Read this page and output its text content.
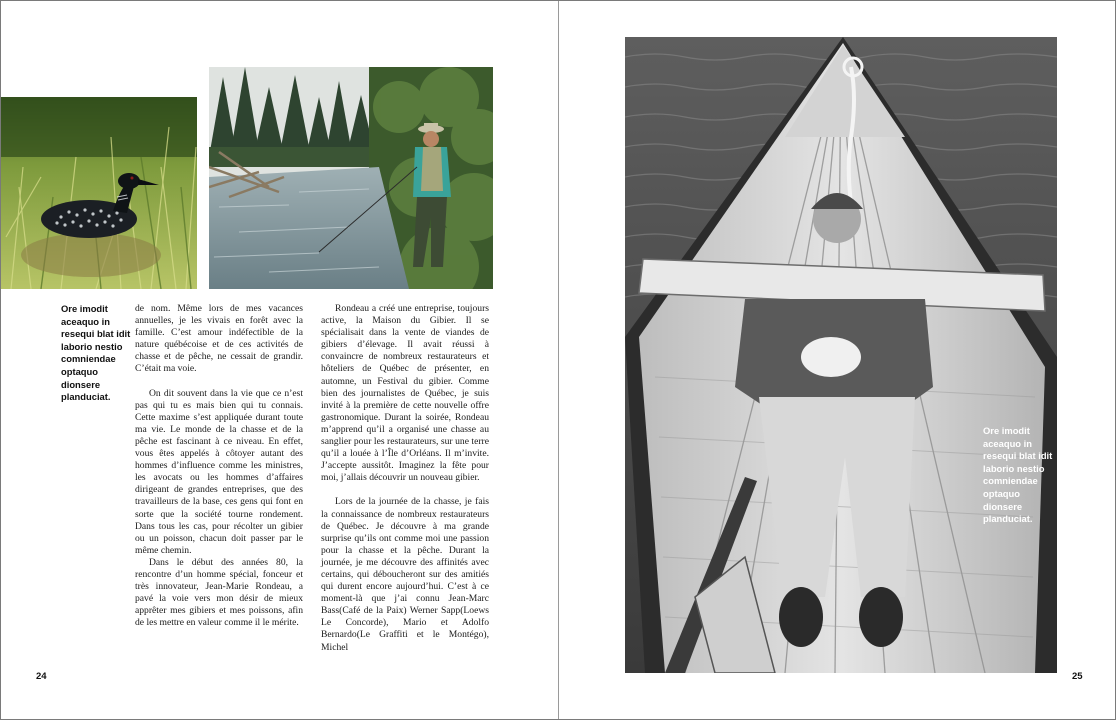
Ore imodit
aceaquo in
resequi blat idit
laborio nestio
comniendae
optaquo
dionsere
planduciat.
Ore imodit
aceaquo in
resequi blat idit
laborio nestio
comniendae
optaquo
dionsere
planduciat.

de nom. Même lors de mes vacances annuelles, je les vivais en forêt avec la famille. C’est amour indéfectible de la nature québécoise et de ces activités de chasse et de pêche, ne cessait de grandir. C’était ma voie.

On dit souvent dans la vie que ce n’est pas qui tu es mais bien qui tu connais. Cette maxime s’est appliquée durant toute ma vie. Le monde de la chasse et de la pêche est fascinant à ce niveau. En effet, vous êtes appelés à côtoyer autant des hommes d’influence comme les ministres, les avocats ou les hommes d’affaires dirigeant de grandes entreprises, que des travailleurs de la base, ces gens qui font en sorte que la société tourne rondement. Dans tous les cas, pour récolter un gibier ou un poisson, chacun doit passer par le même chemin.

Dans le début des années 80, la rencontre d’un homme spécial, fonceur et très innovateur, Jean-Marie Rondeau, a pavé la voie vers mon désir de mieux apprêter mes gibiers et mes poissons, afin de les mettre en valeur comme il le mérite.

Rondeau a créé une entreprise, toujours active, la Maison du Gibier. Il se spécialisait dans la vente de viandes de gibiers d’élevage. Il avait réussi à convaincre de nombreux restaurateurs et hôteliers de Québec de présenter, en automne, un Festival du gibier. Comme bien des journalistes de Québec, je suis invité à la première de cette nouvelle offre gastronomique. Durant la soirée, Rondeau m’apprend qu’il a organisé une chasse au sanglier pour les restaurateurs, sur une terre qu’il a louée à l’Île d’Orléans. Il m’invite. J’accepte aussitôt. Imaginez la fête pour moi, j’allais découvrir un nouveau gibier.

Lors de la journée de la chasse, je fais la connaissance de nombreux restaurateurs de Québec. Je découvre à ma grande surprise qu’ils ont comme moi une passion pour la chasse et la pêche. Durant la journée, je me découvre des affinités avec certains, qui déboucheront sur des amitiés qui durent encore aujourd’hui. C’est à ce moment-là que j’ai connu Jean-Marc Bass(Café de la Paix) Werner Sapp(Loews Le Concorde), Mario et Adolfo Bernardo(Le Graffiti et le Montégo), Michel

24	25
